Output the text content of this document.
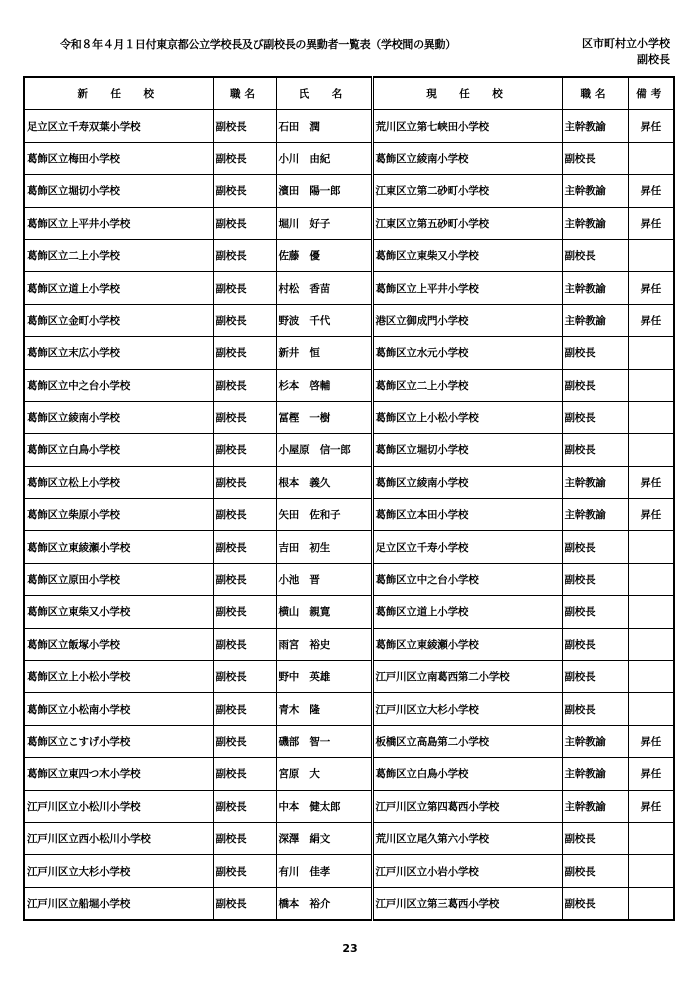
令和８年４月１日付東京都公立学校長及び副校長の異動者一覧表（学校間の異動）	区市町村立小学校
副校長
新　任　校	職名	氏　名	現　任　校	職名	備考
足立区立千寿双葉小学校	副校長	石田　潤	荒川区立第七峡田小学校	主幹教諭	昇任
葛飾区立梅田小学校	副校長	小川　由紀	葛飾区立綾南小学校	副校長	
葛飾区立堀切小学校	副校長	濱田　陽一郎	江東区立第二砂町小学校	主幹教諭	昇任
葛飾区立上平井小学校	副校長	堀川　好子	江東区立第五砂町小学校	主幹教諭	昇任
葛飾区立二上小学校	副校長	佐藤　優	葛飾区立東柴又小学校	副校長	
葛飾区立道上小学校	副校長	村松　香苗	葛飾区立上平井小学校	主幹教諭	昇任
葛飾区立金町小学校	副校長	野波　千代	港区立御成門小学校	主幹教諭	昇任
葛飾区立末広小学校	副校長	新井　恒	葛飾区立水元小学校	副校長	
葛飾区立中之台小学校	副校長	杉本　啓輔	葛飾区立二上小学校	副校長	
葛飾区立綾南小学校	副校長	冨樫　一樹	葛飾区立上小松小学校	副校長	
葛飾区立白鳥小学校	副校長	小屋原　信一郎	葛飾区立堀切小学校	副校長	
葛飾区立松上小学校	副校長	根本　義久	葛飾区立綾南小学校	主幹教諭	昇任
葛飾区立柴原小学校	副校長	矢田　佐和子	葛飾区立本田小学校	主幹教諭	昇任
葛飾区立東綾瀬小学校	副校長	吉田　初生	足立区立千寿小学校	副校長	
葛飾区立原田小学校	副校長	小池　晋	葛飾区立中之台小学校	副校長	
葛飾区立東柴又小学校	副校長	横山　親寛	葛飾区立道上小学校	副校長	
葛飾区立飯塚小学校	副校長	雨宮　裕史	葛飾区立東綾瀬小学校	副校長	
葛飾区立上小松小学校	副校長	野中　英雄	江戸川区立南葛西第二小学校	副校長	
葛飾区立小松南小学校	副校長	青木　隆	江戸川区立大杉小学校	副校長	
葛飾区立こすげ小学校	副校長	磯部　智一	板橋区立高島第二小学校	主幹教諭	昇任
葛飾区立東四つ木小学校	副校長	宮原　大	葛飾区立白鳥小学校	主幹教諭	昇任
江戸川区立小松川小学校	副校長	中本　健太郎	江戸川区立第四葛西小学校	主幹教諭	昇任
江戸川区立西小松川小学校	副校長	深澤　絹文	荒川区立尾久第六小学校	副校長	
江戸川区立大杉小学校	副校長	有川　佳孝	江戸川区立小岩小学校	副校長	
江戸川区立船堀小学校	副校長	橋本　裕介	江戸川区立第三葛西小学校	副校長	
23
